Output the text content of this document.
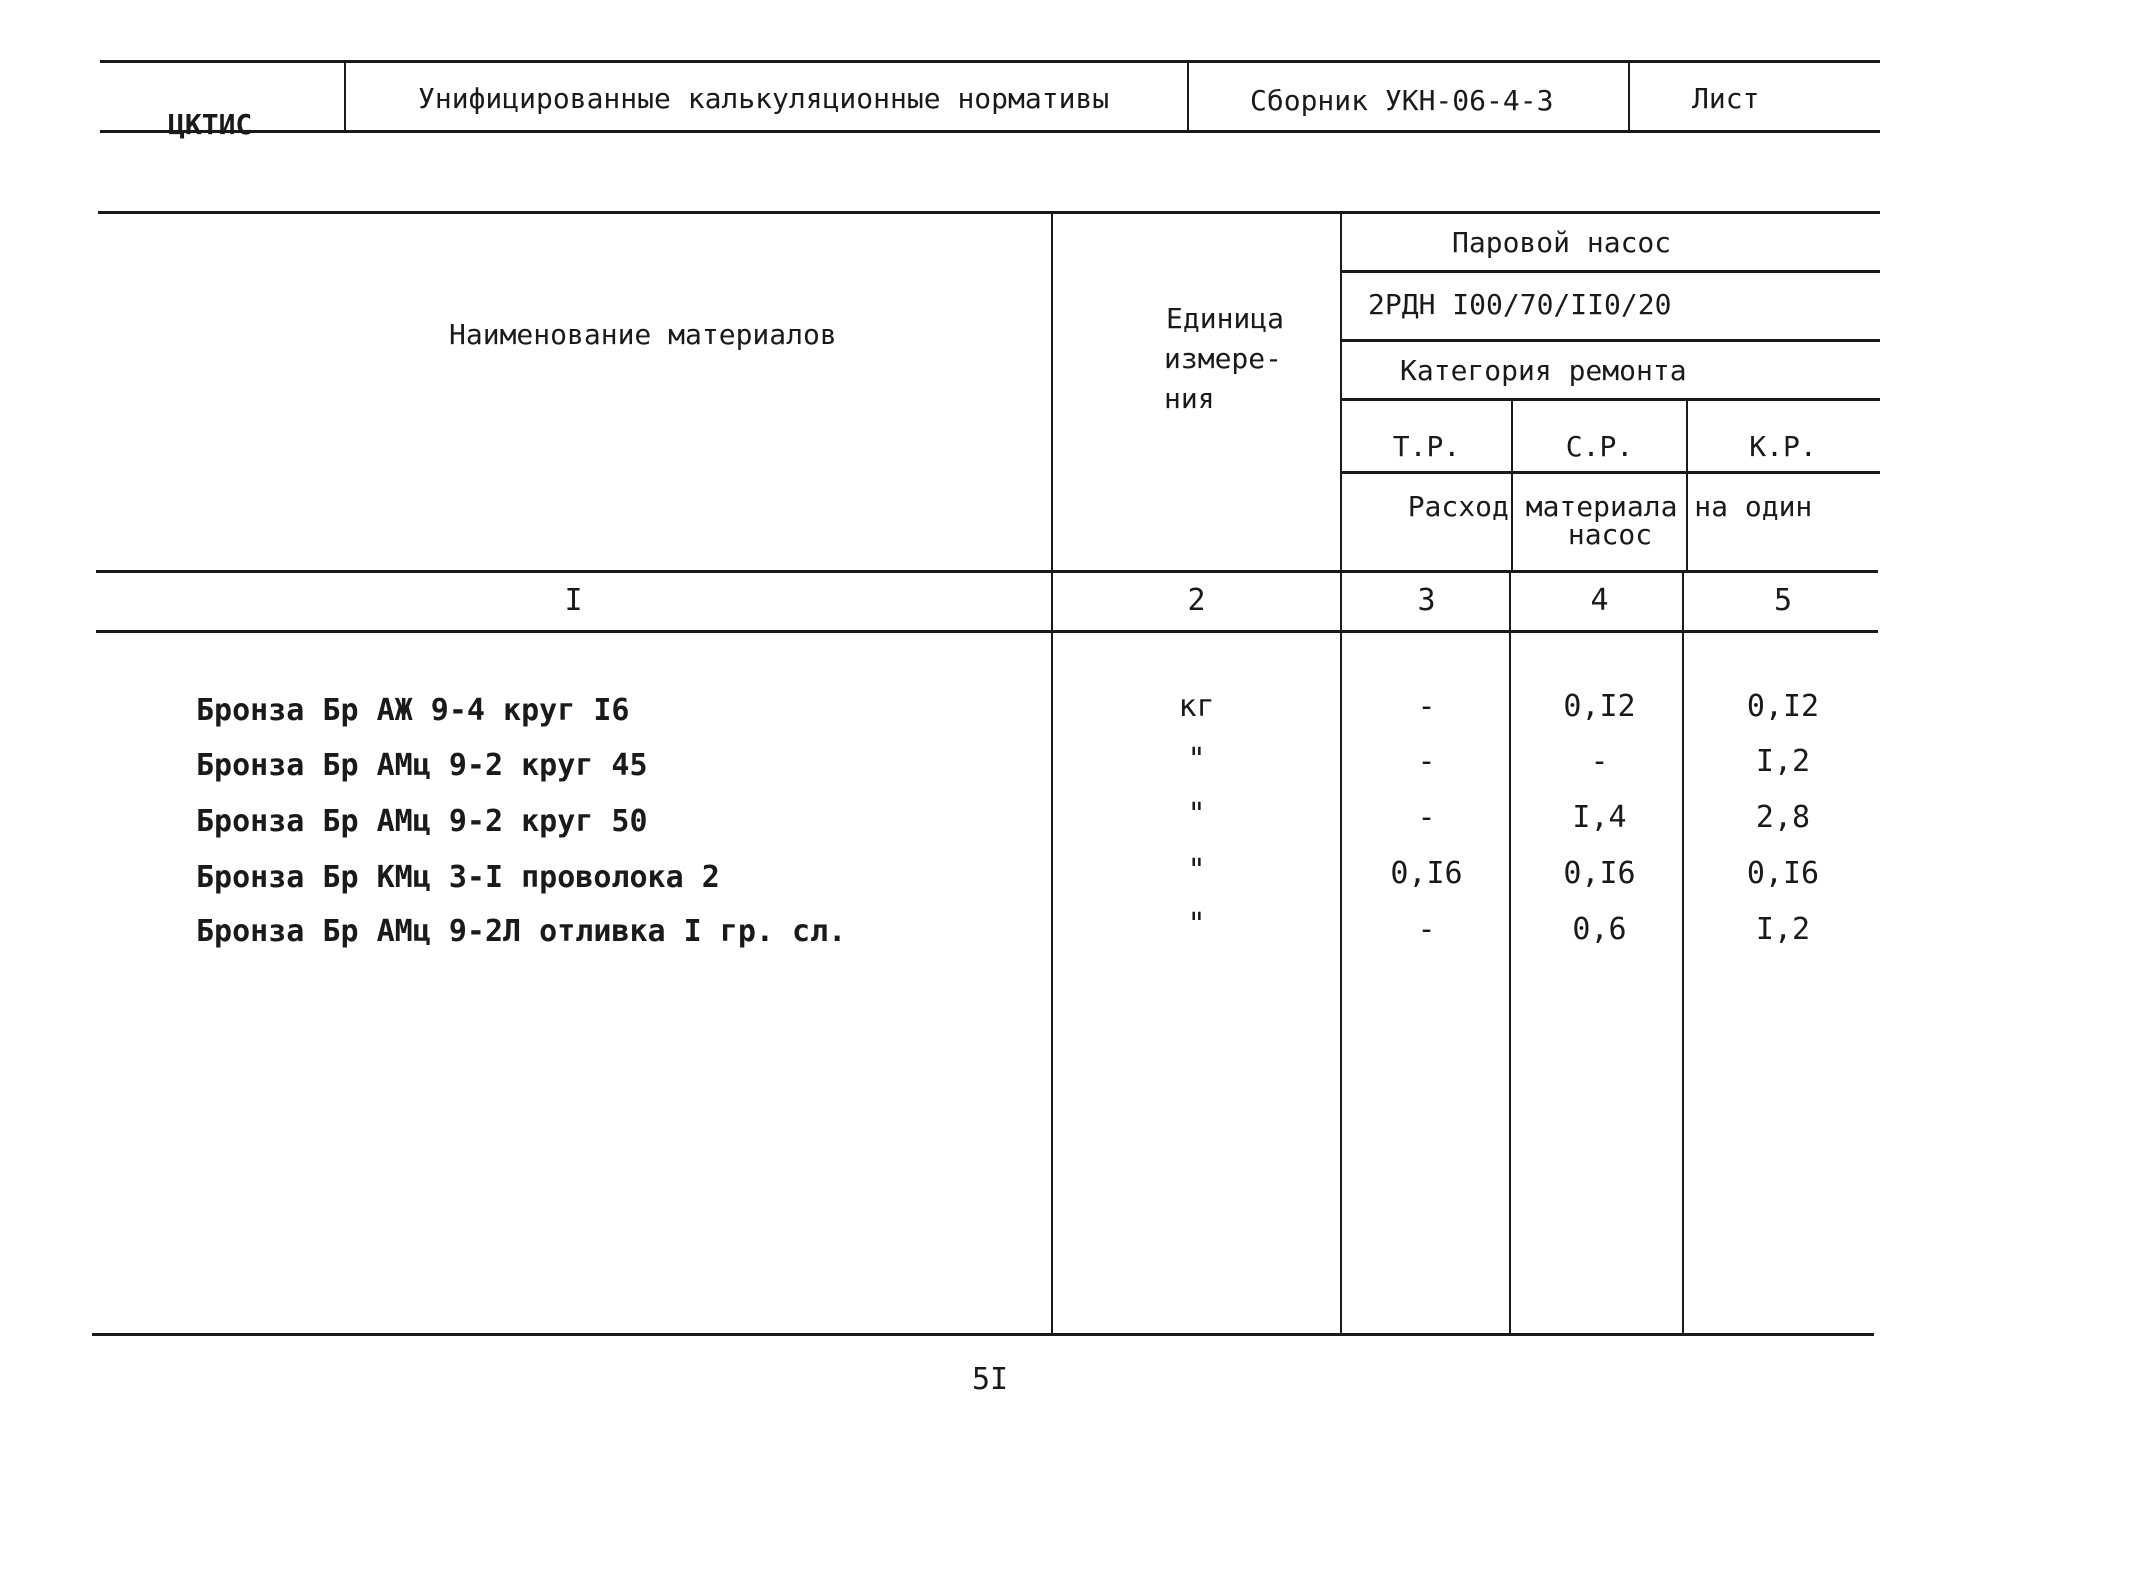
ЦКТИС
Унифицированные калькуляционные нормативы	Сборник УКН-06-4-3	Лист
Наименование материалов	Единица
измере-
ния
Паровой насос
2РДН I00/70/II0/20
Категория ремонта
Т.Р.	С.Р.	К.Р.
Расход материала на один
насос
I	2	3	4	5
Бронза Бр АЖ 9-4 круг I6	кг	-	0,I2	0,I2
Бронза Бр АМц 9-2 круг 45	"	-	-	I,2
Бронза Бр АМц 9-2 круг 50	"	-	I,4	2,8
Бронза Бр КМц 3-I проволока 2	"	0,I6	0,I6	0,I6
Бронза Бр АМц 9-2Л отливка I гр. сл.	"	-	0,6	I,2
5I
